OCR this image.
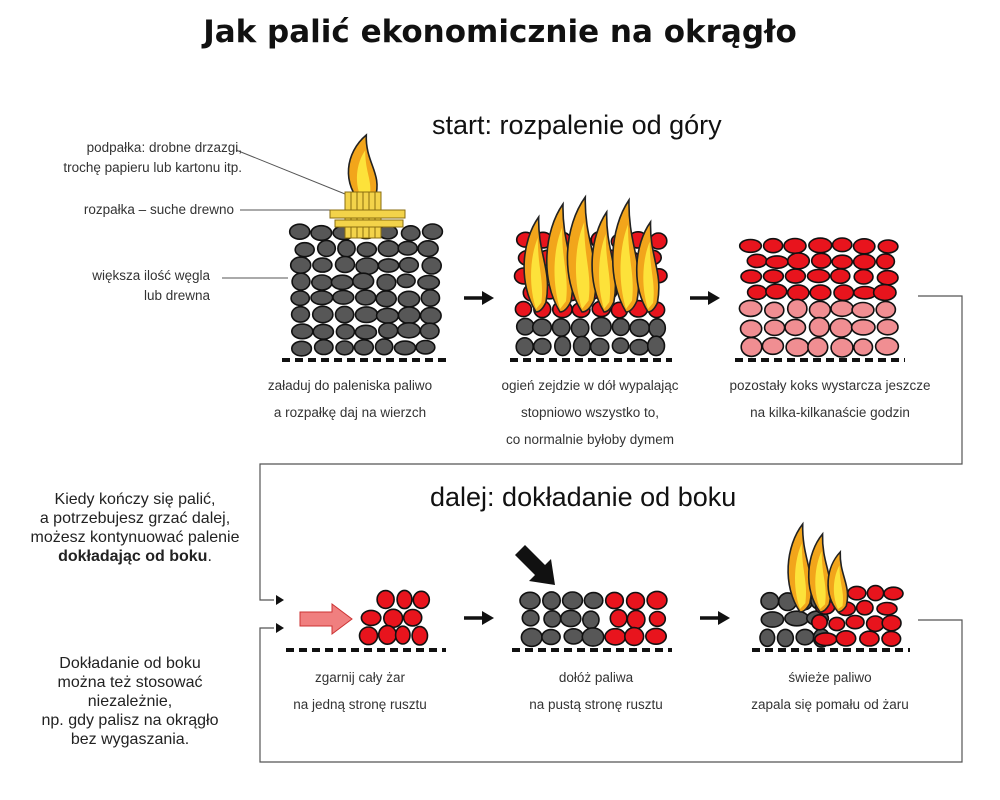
Jak palić ekonomicznie na okrągło
start: rozpalenie od góry
dalej: dokładanie od boku
podpałka: drobne drzazgi,
trochę papieru lub kartonu itp.
rozpałka – suche drewno
większa ilość węgla
lub drewna
załaduj do paleniska paliwo
a rozpałkę daj na wierzch
ogień zejdzie w dół wypalając
stopniowo wszystko to,
co normalnie byłoby dymem
pozostały koks wystarcza jeszcze
na kilka-kilkanaście godzin
zgarnij cały żar
na jedną stronę rusztu
dołóż paliwa
na pustą stronę rusztu
świeże paliwo
zapala się pomału od żaru
Kiedy kończy się palić,
a potrzebujesz grzać dalej,
możesz kontynuować palenie
dokładając od boku.
Dokładanie od boku
można też stosować
niezależnie,
np. gdy palisz na okrągło
bez wygaszania.
